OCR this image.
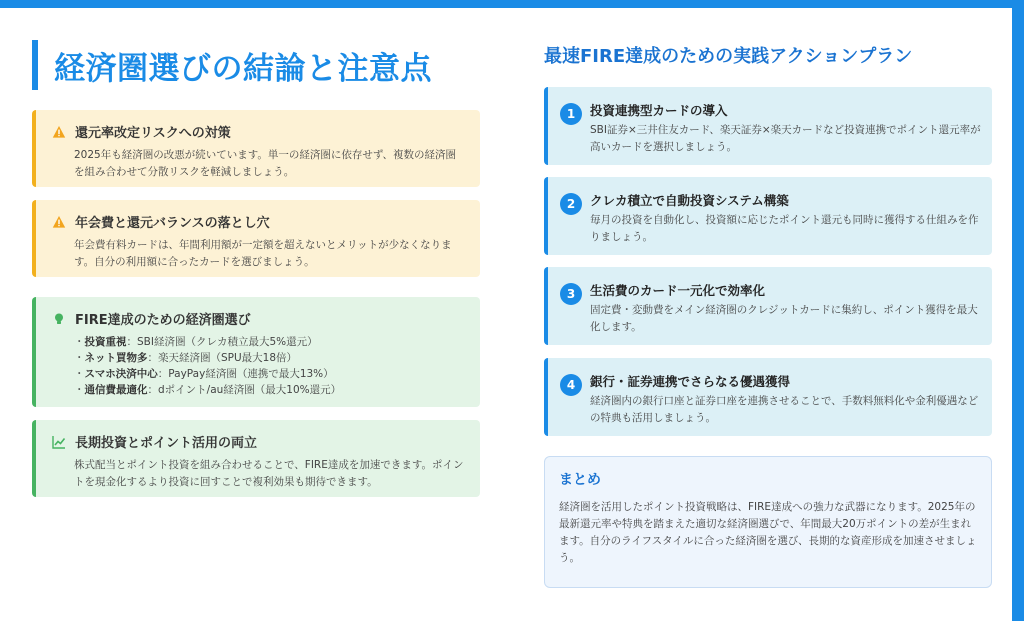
経済圏選びの結論と注意点
還元率改定リスクへの対策

2025年も経済圏の改悪が続いています。単一の経済圏に依存せず、複数の経済圏を組み合わせて分散リスクを軽減しましょう。

年会費と還元バランスの落とし穴

年会費有料カードは、年間利用額が一定額を超えないとメリットが少なくなります。自分の利用額に合ったカードを選びましょう。

FIRE達成のための経済圏選び
・ 投資重視：SBI経済圏（クレカ積立最大5%還元）
・ ネット買物多：楽天経済圏（SPU最大18倍）
・ スマホ決済中心：PayPay経済圏（連携で最大13%）
・ 通信費最適化：dポイント/au経済圏（最大10%還元）
長期投資とポイント活用の両立

株式配当とポイント投資を組み合わせることで、FIRE達成を加速できます。ポイントを現金化するより投資に回すことで複利効果も期待できます。

最速FIRE達成のための実践アクションプラン
1	投資連携型カードの導入
SBI証券×三井住友カード、楽天証券×楽天カードなど投資連携でポイント還元率が高いカードを選択しましょう。
2	クレカ積立で自動投資システム構築
毎月の投資を自動化し、投資額に応じたポイント還元も同時に獲得する仕組みを作りましょう。
3	生活費のカード一元化で効率化
固定費・変動費をメイン経済圏のクレジットカードに集約し、ポイント獲得を最大化します。
4	銀行・証券連携でさらなる優遇獲得
経済圏内の銀行口座と証券口座を連携させることで、手数料無料化や金利優遇などの特典も活用しましょう。
まとめ

経済圏を活用したポイント投資戦略は、FIRE達成への強力な武器になります。2025年の最新還元率や特典を踏まえた適切な経済圏選びで、年間最大20万ポイントの差が生まれます。自分のライフスタイルに合った経済圏を選び、長期的な資産形成を加速させましょう。
